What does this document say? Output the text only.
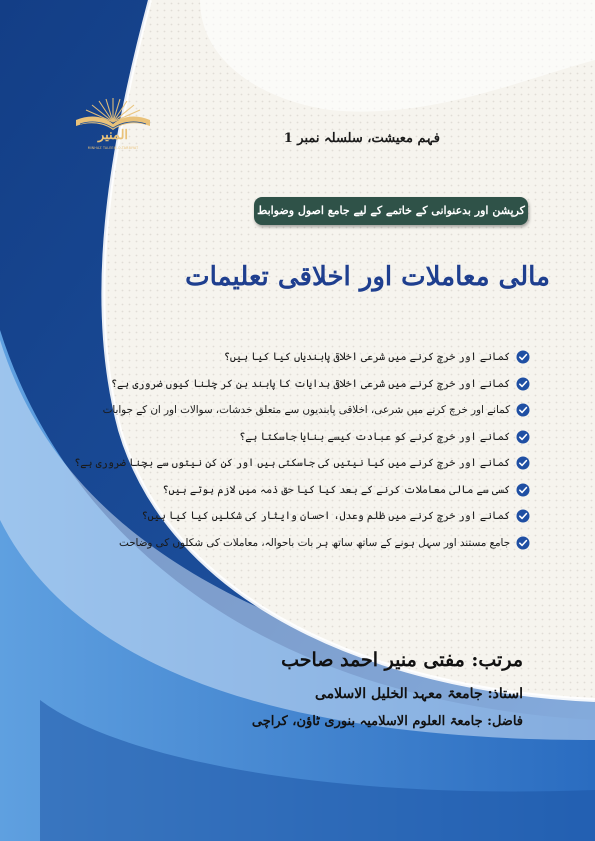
المنیر
MINHAZ TALEEM-O-TARBIYAT
فہم معیشت، سلسلہ نمبر 1
کرپشن اور بدعنوانی کے خاتمے کے لیے جامع اصول وضوابط
مالی معاملات اور اخلاقی تعلیمات
کمانے اور خرچ کرنے میں شرعی اخلاقی پابندیاں کیا کیا ہیں؟
کمانے اور خرچ کرنے میں شرعی اخلاقی ہدایات کا پابند بن کر چلنا کیوں ضروری ہے؟
کمانے اور خرچ کرنے میں شرعی، اخلاقی پابندیوں سے متعلق خدشات، سوالات اور ان کے جوابات
کمانے اور خرچ کرنے کو عبادت کیسے بنایا جاسکتا ہے؟
کمانے اور خرچ کرنے میں کیا نیتیں کی جاسکتی ہیں اور کن کن نیتوں سے بچنا ضروری ہے؟
کسی سے مالی معاملات کرنے کے بعد کیا کیا حق ذمہ میں لازم ہوتے ہیں؟
کمانے اور خرچ کرنے میں ظلم وعدل، احسان وایثار کی شکلیں کیا کیا ہیں؟
جامع مستند اور سہل ہونے کے ساتھ ساتھ ہر بات باحوالہ، معاملات کی شکلوں کی وضاحت
مرتب: مفتی منیر احمد صاحب
استاذ: جامعۃ معہد الخلیل الاسلامی
فاضل: جامعۃ العلوم الاسلامیہ بنوری ٹاؤن، کراچی
